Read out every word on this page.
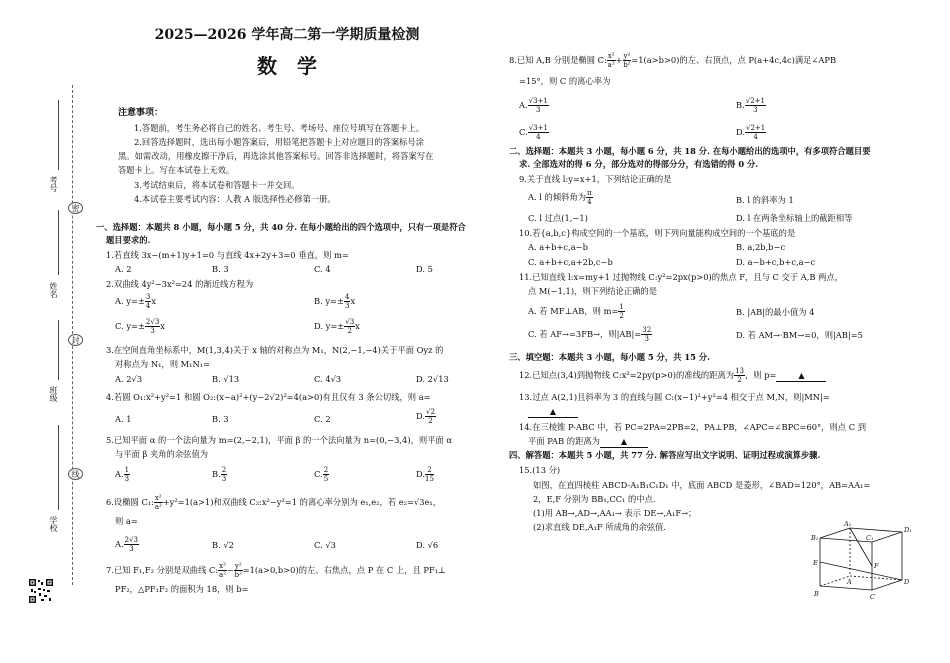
考号
密
姓名
封
班级
线
学校
2025—2026 学年高二第一学期质量检测
数　学
注意事项：
1.答题前，考生务必将自己的姓名、考生号、考场号、座位号填写在答题卡上。
2.回答选择题时，选出每小题答案后，用铅笔把答题卡上对应题目的答案标号涂
黑。如需改动，用橡皮擦干净后，再选涂其他答案标号。回答非选择题时，将答案写在
答题卡上。写在本试卷上无效。
3.考试结束后，将本试卷和答题卡一并交回。
4.本试卷主要考试内容：人教 A 版选择性必修第一册。
一、选择题：本题共 8 小题，每小题 5 分，共 40 分. 在每小题给出的四个选项中，只有一项是符合
题目要求的.
1.若直线 3x−(m+1)y+1=0 与直线 4x+2y+3=0 垂直，则 m=
A. 2	B. 3	C. 4	D. 5
2.双曲线 4y²−3x²=24 的渐近线方程为
A. $y=\pm \frac{3}{4}$ x	B. $y=\pm \frac{4}{3}$ x
C. $y=\pm \frac{2√3}{3}$ x	D. $y=\pm \frac{√3}{2}$ x
3.在空间直角坐标系中，M(1,3,4)关于 x 轴的对称点为 M₁，N(2,−1,−4)关于平面 Oyz 的
对称点为 N₁，则 M₁N₁=
A. 2√3	B. √13	C. 4√3	D. 2√13
4.若圆 O₁:x²+y²=1 和圆 O₂:(x−a)²+(y−2√2)²=4(a>0)有且仅有 3 条公切线，则 a=
A. 1	B. 3	C. 2	D. $\frac{√2}{2}$
5.已知平面 α 的一个法向量为 m=(2,−2,1)，平面 β 的一个法向量为 n=(0,−3,4)，则平面 α
与平面 β 夹角的余弦值为
A. $\frac{1}{3}$	B. $\frac{2}{3}$	C. $\frac{2}{5}$	D. $\frac{2}{15}$
6.设椭圆 C₁: $\frac{\text{x²}}{\text{a²}} +y^2=1(a>1)$和双曲线 C₂:x²−y²=1 的离心率分别为 e₁,e₂，若 e₂=√3e₁，
则 a=
A. $\frac{2√3}{3}$	B. √2	C. √3	D. √6
7.已知 F₁,F₂ 分别是双曲线 C: $\frac{\text{x²}}{\text{a²}} - \frac{\text{y²}}{\text{b²}} =1(a>0,b>0)$的左、右焦点，点 P 在 C 上，且 PF₁⊥
PF₂，△PF₁F₂ 的面积为 18，则 b=
8.已知 A,B 分别是椭圆 C: $\frac{\text{x²}}{\text{a²}} + \frac{\text{y²}}{\text{b²}} =1(a>b>0)$的左、右顶点，点 P(a+4c,4c)满足∠APB
=15°，则 C 的离心率为
A. $\frac{√3+1}{3}$	B. $\frac{√2+1}{3}$
C. $\frac{√3+1}{4}$	D. $\frac{√2+1}{4}$
二、选择题：本题共 3 小题，每小题 6 分，共 18 分. 在每小题给出的选项中，有多项符合题目要
求. 全部选对的得 6 分，部分选对的得部分分，有选错的得 0 分.
9.关于直线 l:y=x+1，下列结论正确的是
A. l 的倾斜角为 $\frac{\pi}{4}$	B. l 的斜率为 1
C. l 过点(1,−1)	D. l 在两条坐标轴上的截距相等
10.若{a,b,c}构成空间的一个基底，则下列向量能构成空间的一个基底的是
A. a+b+c,a−b	B. a,2b,b−c
C. a+b+c,a+2b,c−b	D. a−b+c,b+c,a−c
11.已知直线 l:x=my+1 过抛物线 C:y²=2px(p>0)的焦点 F，且与 C 交于 A,B 两点，
点 M(−1,1)，则下列结论正确的是
A. 若 MF⊥AB，则 $m= \frac{1}{2}$	B. |AB|的最小值为 4
C. 若 AF→=3FB→，则$|AB|= \frac{32}{3}$	D. 若 AM→·BM→=0，则|AB|=5
三、填空题：本题共 3 小题，每小题 5 分，共 15 分.
12.已知点(3,4)到抛物线 C:x²=2py(p>0)的准线的距离为 $\frac{13}{2}$ ，则 p=	▲
13.过点 A(2,1)且斜率为 3 的直线与圆 C:(x−1)²+y²=4 相交于点 M,N，则|MN|=
▲
14.在三棱锥 P-ABC 中，若 PC=2PA=2PB=2，PA⊥PB，∠APC=∠BPC=60°，则点 C 到
平面 PAB 的距离为	▲
四、解答题：本题共 5 小题，共 77 分. 解答应写出文字说明、证明过程或演算步骤.
15.(13 分)
如图，在直四棱柱 ABCD-A₁B₁C₁D₁ 中，底面 ABCD 是菱形，∠BAD=120°，AB=AA₁=
2，E,F 分别为 BB₁,CC₁ 的中点.
(1)用 AB→,AD→,AA₁→ 表示 DE→,A₁F→；
(2)求直线 DE,A₁F 所成角的余弦值.	A₁
D₁
B₁	C₁
E	F
A	D
B	C
